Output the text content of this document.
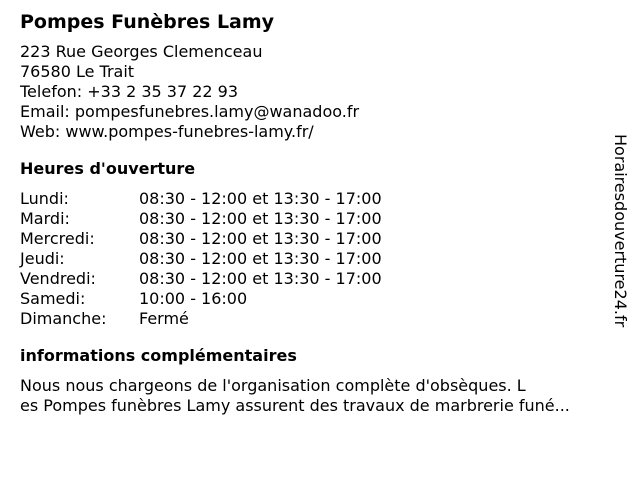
Pompes Funèbres Lamy
223 Rue Georges Clemenceau
76580 Le Trait
Telefon: +33 2 35 37 22 93
Email: pompesfunebres.lamy@wanadoo.fr
Web: www.pompes-funebres-lamy.fr/
Heures d'ouverture
Lundi:	08:30 - 12:00 et 13:30 - 17:00
Mardi:	08:30 - 12:00 et 13:30 - 17:00
Mercredi:	08:30 - 12:00 et 13:30 - 17:00
Jeudi:	08:30 - 12:00 et 13:30 - 17:00
Vendredi:	08:30 - 12:00 et 13:30 - 17:00
Samedi:	10:00 - 16:00
Dimanche:	Fermé
informations complémentaires
Nous nous chargeons de l'organisation complète d'obsèques. L
es Pompes funèbres Lamy assurent des travaux de marbrerie funé...
Horairesdouverture24.fr
